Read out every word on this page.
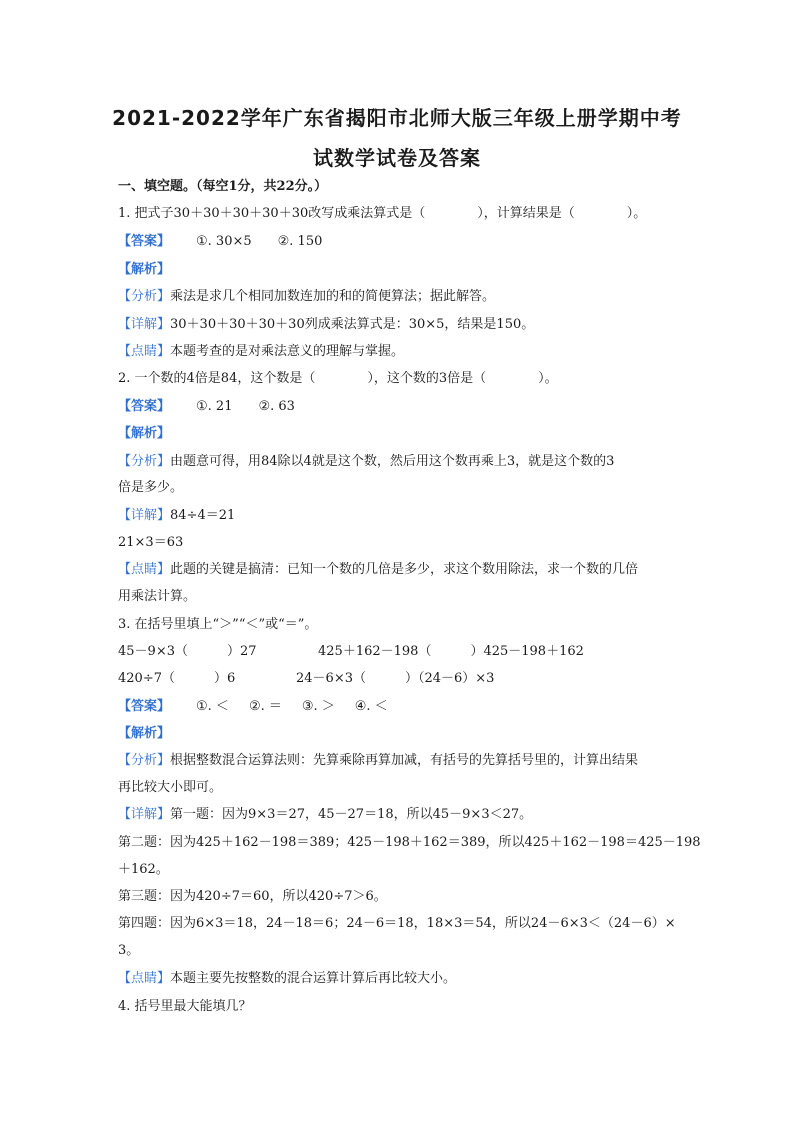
2021-2022学年广东省揭阳市北师大版三年级上册学期中考
试数学试卷及答案
一、填空题。（每空1分，共22分。）
1. 把式子30＋30＋30＋30＋30改写成乘法算式是（　　　　），计算结果是（　　　　）。
【答案】 ①. 30×5 ②. 150
【解析】
【分析】乘法是求几个相同加数连加的和的简便算法；据此解答。
【详解】30＋30＋30＋30＋30列成乘法算式是：30×5，结果是150。
【点睛】本题考查的是对乘法意义的理解与掌握。
2. 一个数的4倍是84，这个数是（　　　　），这个数的3倍是（　　　　）。
【答案】 ①. 21 ②. 63
【解析】
【分析】由题意可得，用84除以4就是这个数，然后用这个数再乘上3，就是这个数的3
倍是多少。
【详解】84÷4＝21
21×3＝63
【点睛】此题的关键是搞清：已知一个数的几倍是多少，求这个数用除法，求一个数的几倍
用乘法计算。
3. 在括号里填上“＞”“＜”或“＝”。
45－9×3（　　　）27	425＋162－198（　　　）425－198＋162
420÷7（　　　）6	24－6×3（　　　）（24－6）×3
【答案】 ①. ＜ ②. ＝ ③. ＞ ④. ＜
【解析】
【分析】根据整数混合运算法则：先算乘除再算加减，有括号的先算括号里的，计算出结果
再比较大小即可。
【详解】第一题：因为9×3＝27，45－27＝18，所以45－9×3＜27。
第二题：因为425＋162－198＝389；425－198＋162＝389，所以425＋162－198＝425－198
＋162。
第三题：因为420÷7＝60，所以420÷7＞6。
第四题：因为6×3＝18，24－18＝6；24－6＝18，18×3＝54，所以24－6×3＜（24－6）×
3。
【点睛】本题主要先按整数的混合运算计算后再比较大小。
4. 括号里最大能填几？
